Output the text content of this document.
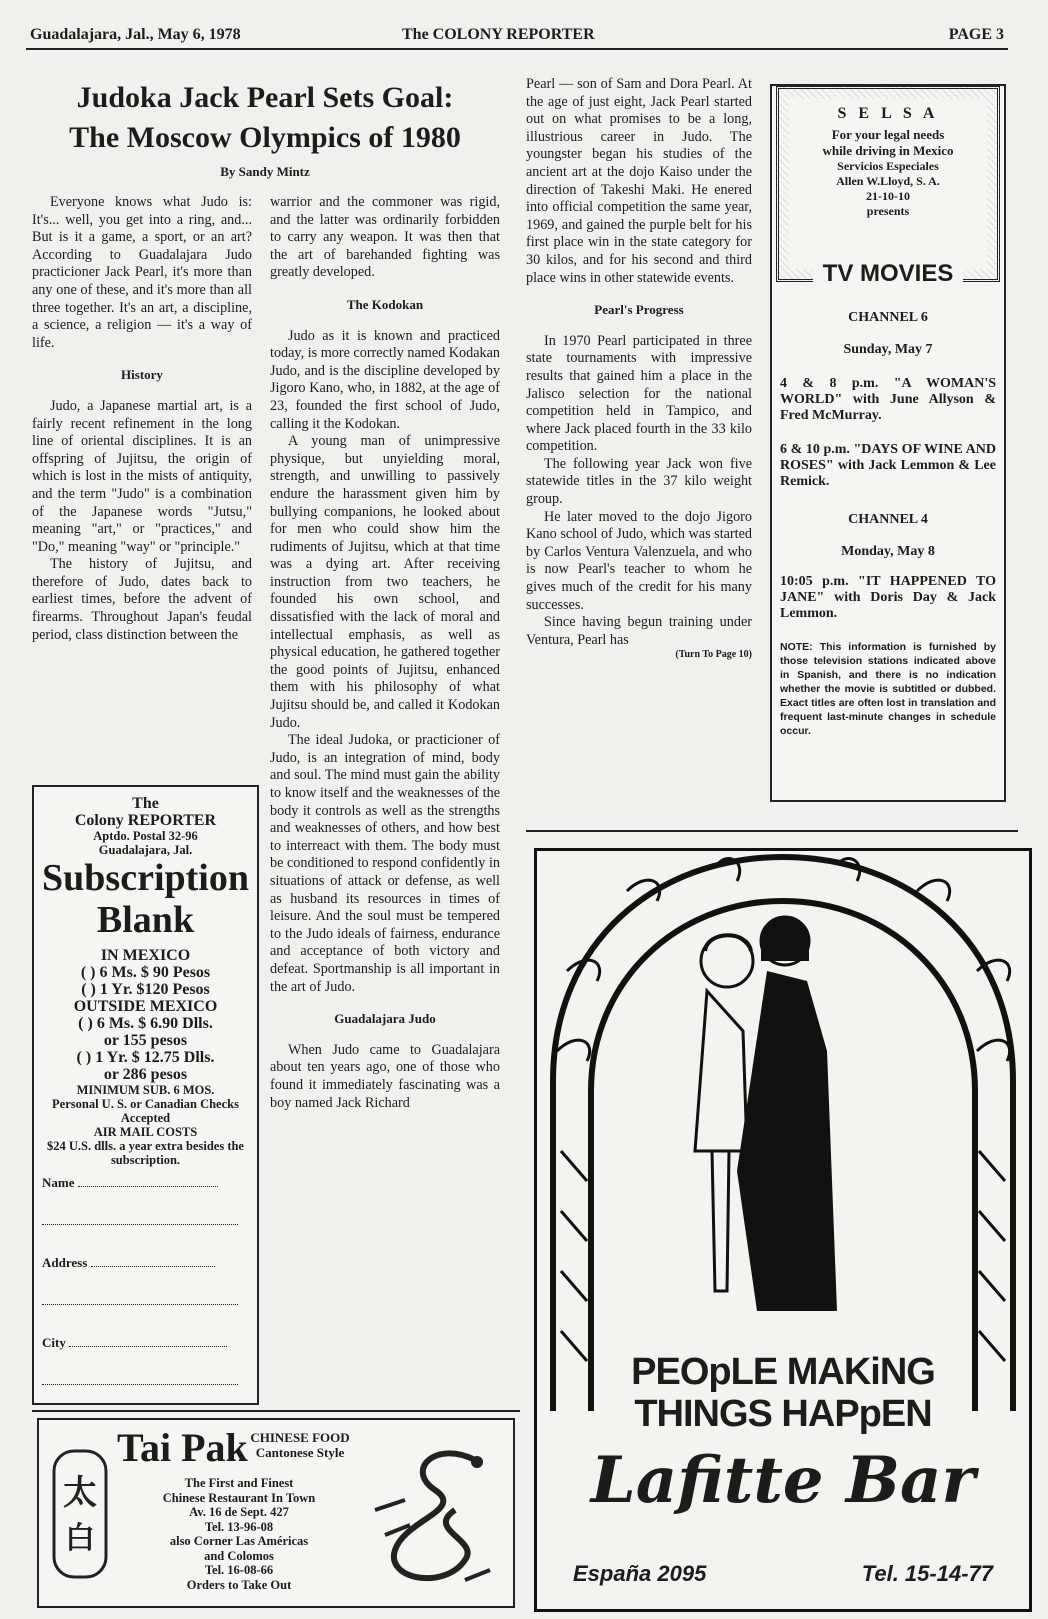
Guadalajara, Jal., May 6, 1978	The COLONY REPORTER	PAGE 3
Judoka Jack Pearl Sets Goal:
The Moscow Olympics of 1980
By Sandy Mintz

Everyone knows what Judo is: It's... well, you get into a ring, and... But is it a game, a sport, or an art? According to Guadalajara Judo practicioner Jack Pearl, it's more than any one of these, and it's more than all three together. It's an art, a discipline, a science, a religion — it's a way of life.

History

Judo, a Japanese martial art, is a fairly recent refinement in the long line of oriental disciplines. It is an offspring of Jujitsu, the origin of which is lost in the mists of antiquity, and the term "Judo" is a combination of the Japanese words "Jutsu," meaning "art," or "practices," and "Do," meaning "way" or "principle."

The history of Jujitsu, and therefore of Judo, dates back to earliest times, before the advent of firearms. Throughout Japan's feudal period, class distinction between the

warrior and the commoner was rigid, and the latter was ordinarily forbidden to carry any weapon. It was then that the art of barehanded fighting was greatly developed.

The Kodokan

Judo as it is known and practiced today, is more correctly named Kodakan Judo, and is the discipline developed by Jigoro Kano, who, in 1882, at the age of 23, founded the first school of Judo, calling it the Kodokan.

A young man of unimpressive physique, but unyielding moral, strength, and unwilling to passively endure the harassment given him by bullying companions, he looked about for men who could show him the rudiments of Jujitsu, which at that time was a dying art. After receiving instruction from two teachers, he founded his own school, and dissatisfied with the lack of moral and intellectual emphasis, as well as physical education, he gathered together the good points of Jujitsu, enhanced them with his philosophy of what Jujitsu should be, and called it Kodokan Judo.

The ideal Judoka, or practicioner of Judo, is an integration of mind, body and soul. The mind must gain the ability to know itself and the weaknesses of the body it controls as well as the strengths and weaknesses of others, and how best to interreact with them. The body must be conditioned to respond confidently in situations of attack or defense, as well as husband its resources in times of leisure. And the soul must be tempered to the Judo ideals of fairness, endurance and acceptance of both victory and defeat. Sportmanship is all important in the art of Judo.

Guadalajara Judo

When Judo came to Guadalajara about ten years ago, one of those who found it immediately fascinating was a boy named Jack Richard

Pearl — son of Sam and Dora Pearl. At the age of just eight, Jack Pearl started out on what promises to be a long, illustrious career in Judo. The youngster began his studies of the ancient art at the dojo Kaiso under the direction of Takeshi Maki. He enered into official competition the same year, 1969, and gained the purple belt for his first place win in the state category for 30 kilos, and for his second and third place wins in other statewide events.

Pearl's Progress

In 1970 Pearl participated in three state tournaments with impressive results that gained him a place in the Jalisco selection for the national competition held in Tampico, and where Jack placed fourth in the 33 kilo competition.

The following year Jack won five statewide titles in the 37 kilo weight group.

He later moved to the dojo Jigoro Kano school of Judo, which was started by Carlos Ventura Valenzuela, and who is now Pearl's teacher to whom he gives much of the credit for his many successes.

Since having begun training under Ventura, Pearl has

(Turn To Page 10)
The
Colony REPORTER
Aptdo. Postal 32-96
Guadalajara, Jal.
Subscription
Blank
IN MEXICO
( ) 6 Ms. $ 90 Pesos
( ) 1 Yr. $120 Pesos
OUTSIDE MEXICO
( ) 6 Ms. $ 6.90 Dlls.
or 155 pesos
( ) 1 Yr. $ 12.75 Dlls.
or 286 pesos
MINIMUM SUB. 6 MOS.
Personal U. S. or Canadian Checks Accepted
AIR MAIL COSTS
$24 U.S. dlls. a year extra besides the subscription.
Name
Address
City
S E L S A
For your legal needs
while driving in Mexico
Servicios Especiales
Allen W.Lloyd, S. A.
21-10-10
presents
TV MOVIES

CHANNEL 6

Sunday, May 7

4 & 8 p.m. "A WOMAN'S WORLD" with June Allyson & Fred McMurray.

6 & 10 p.m. "DAYS OF WINE AND ROSES" with Jack Lemmon & Lee Remick.

CHANNEL 4

Monday, May 8

10:05 p.m. "IT HAPPENED TO JANE" with Doris Day & Jack Lemmon.

NOTE: This information is furnished by those television stations indicated above in Spanish, and there is no indication whether the movie is subtitled or dubbed. Exact titles are often lost in translation and frequent last-minute changes in schedule occur.

太
白
Tai Pak CHINESE FOOD
Cantonese Style
The First and Finest
Chinese Restaurant In Town
Av. 16 de Sept. 427
Tel. 13-96-08
also Corner Las Américas
and Colomos
Tel. 16-08-66
Orders to Take Out
PEOpLE MAKiNG
THINGS HAPpEN
Lafitte Bar
España 2095	Tel. 15-14-77
